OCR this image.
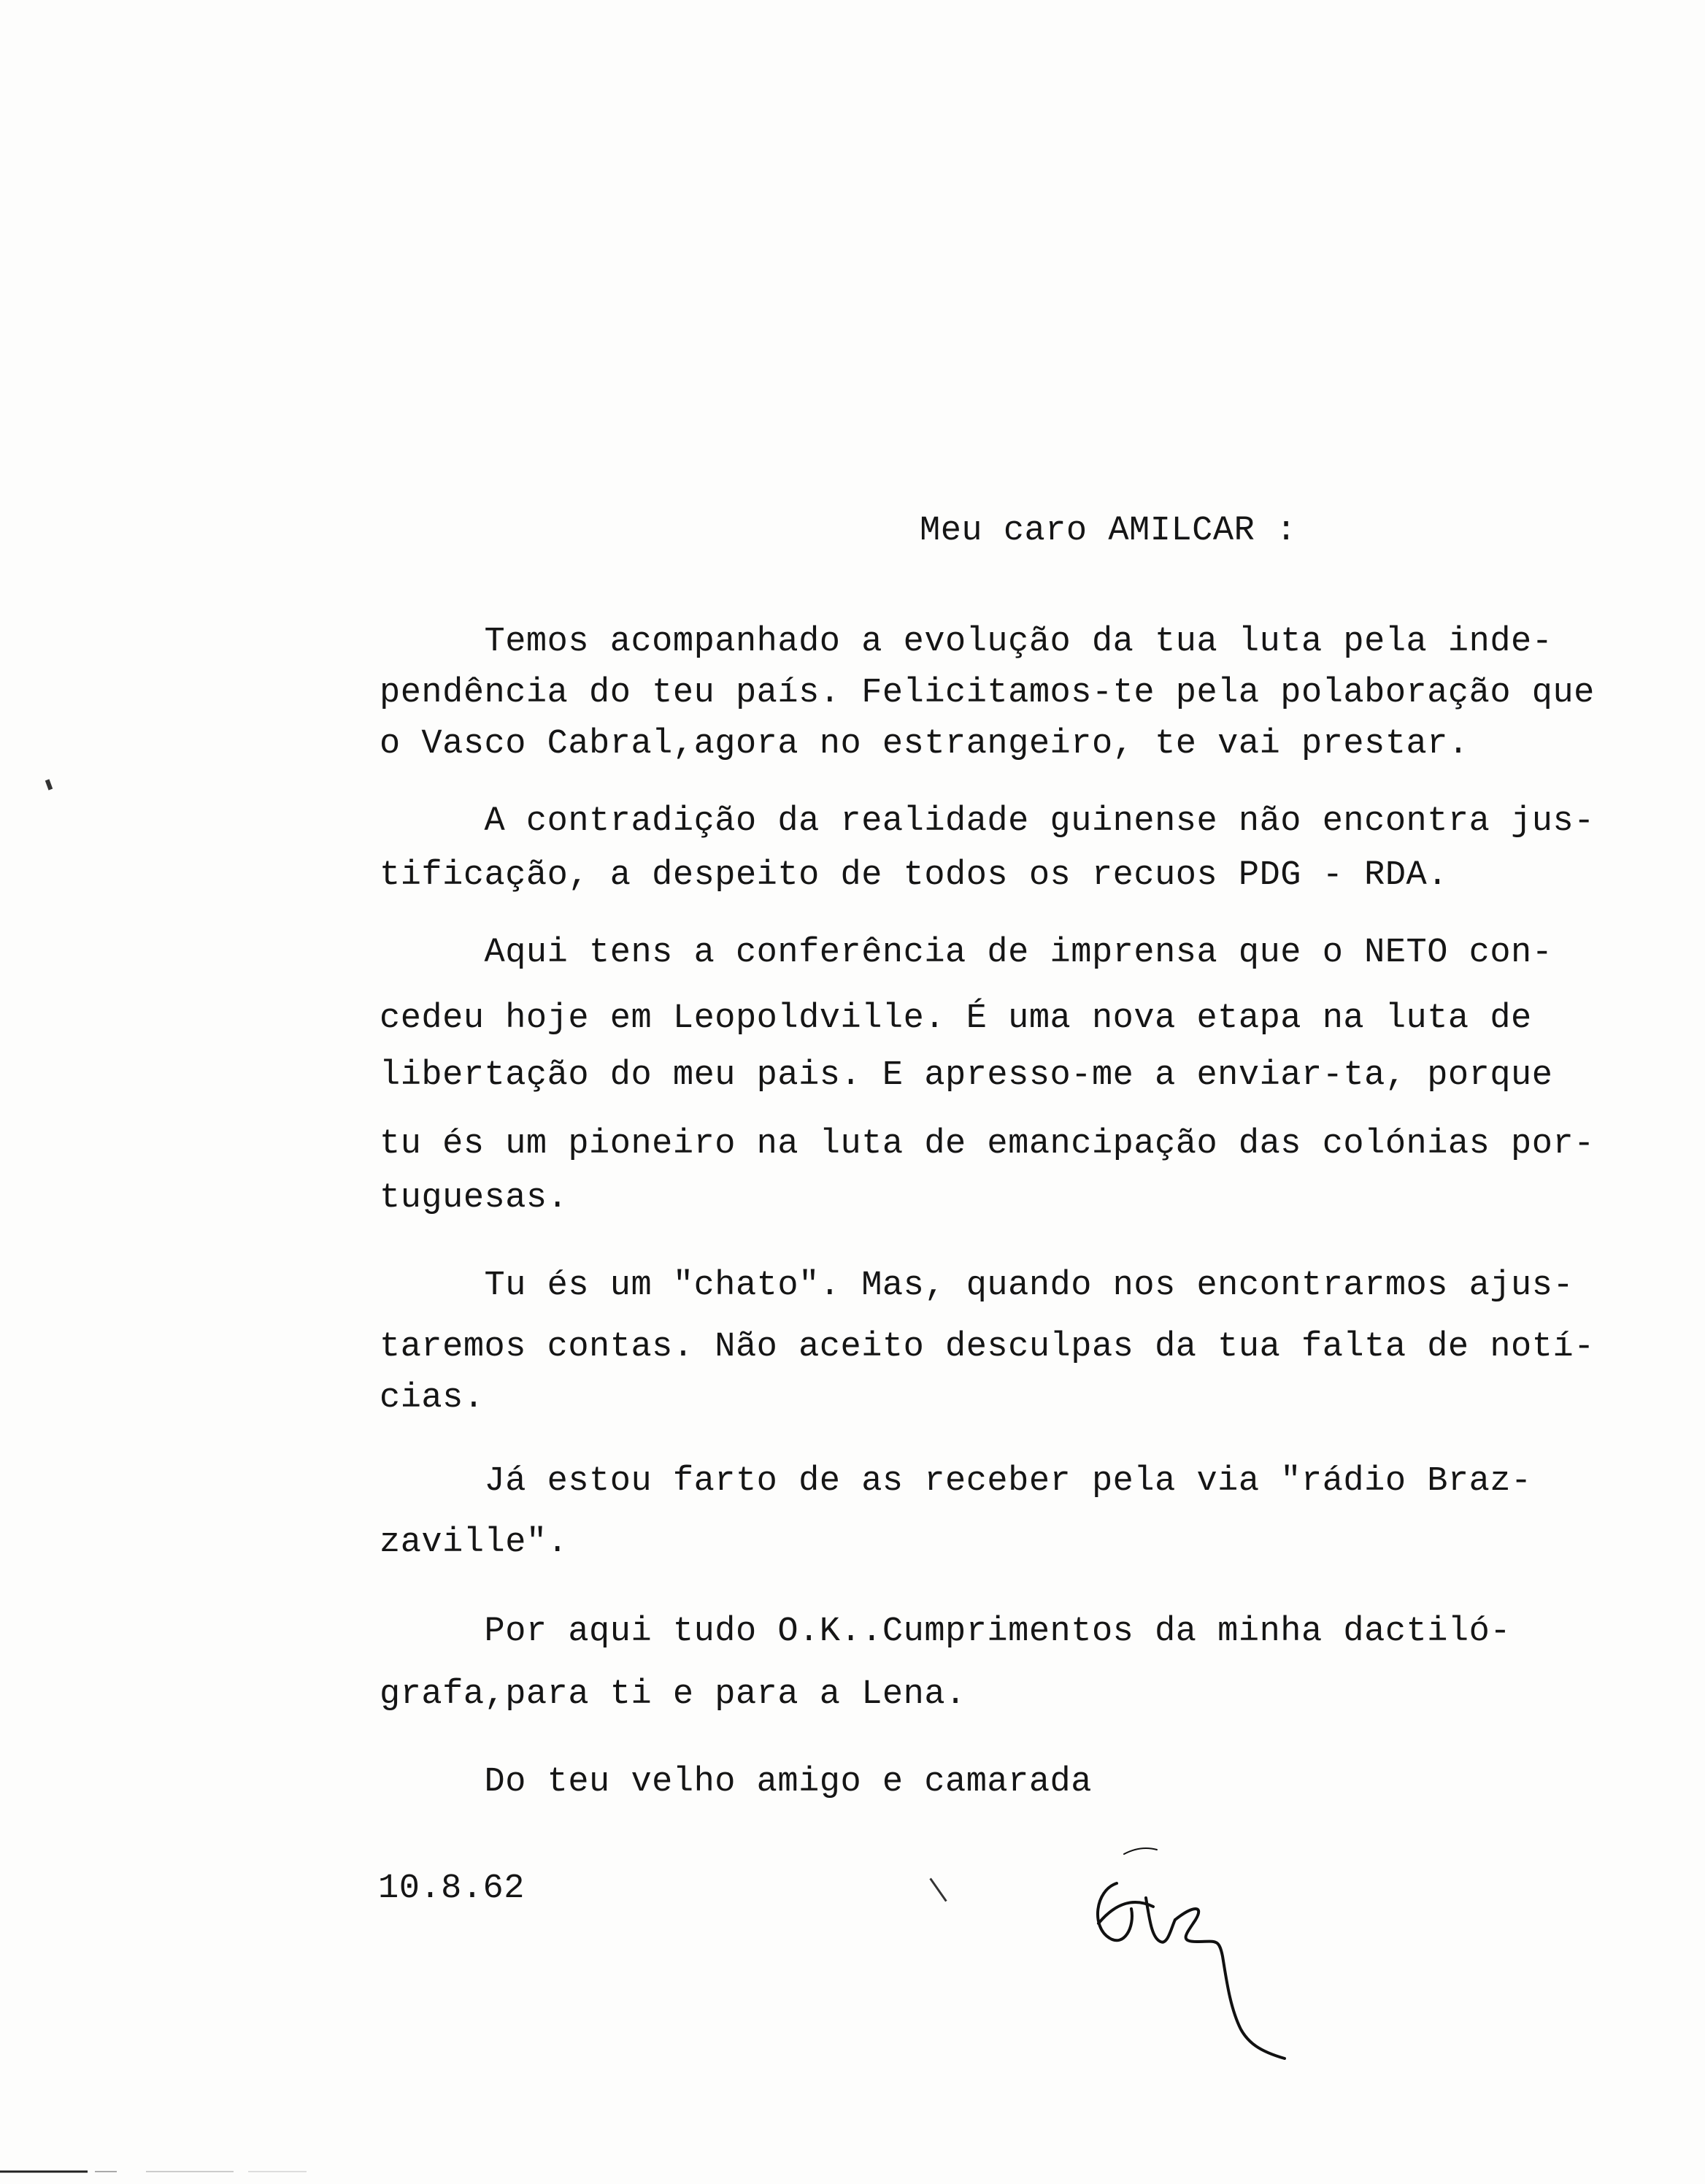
Meu caro AMILCAR :
Temos acompanhado a evolução da tua luta pela inde-
pendência do teu país. Felicitamos-te pela polaboração que
o Vasco Cabral,agora no estrangeiro, te vai prestar.
A contradição da realidade guinense não encontra jus-
tificação, a despeito de todos os recuos PDG - RDA.
Aqui tens a conferência de imprensa que o NETO con-
cedeu hoje em Leopoldville. É uma nova etapa na luta de
libertação do meu pais. E apresso-me a enviar-ta, porque
tu és um pioneiro na luta de emancipação das colónias por-
tuguesas.
Tu és um "chato". Mas, quando nos encontrarmos ajus-
taremos contas. Não aceito desculpas da tua falta de notí-
cias.
Já estou farto de as receber pela via "rádio Braz-
zaville".
Por aqui tudo O.K..Cumprimentos da minha dactiló-
grafa,para ti e para a Lena.
Do teu velho amigo e camarada
10.8.62
